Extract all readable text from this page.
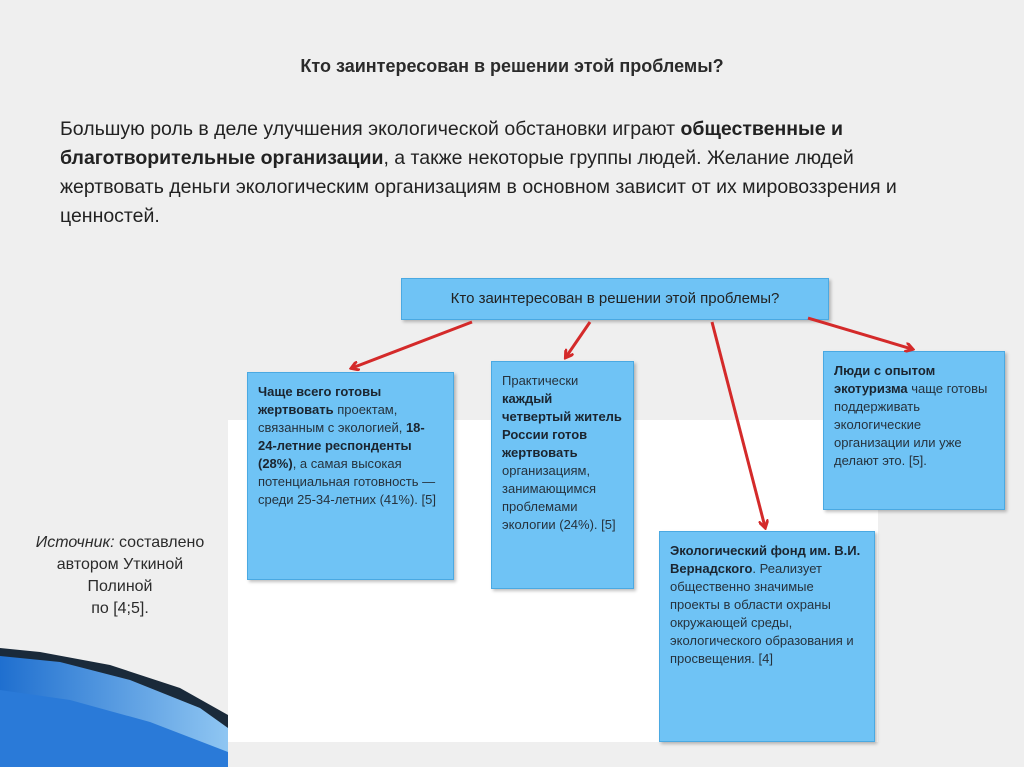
Кто заинтересован в решении этой проблемы?
Большую роль в деле улучшения экологической обстановки играют общественные и благотворительные организации, а также некоторые группы людей. Желание людей жертвовать деньги экологическим организациям в основном зависит от их мировоззрения и ценностей.
Источник: составлено
автором Уткиной
Полиной
по [4;5].
Кто заинтересован в решении этой проблемы?
Чаще всего готовы жертвовать проектам, связанным с экологией, 18-24-летние респонденты (28%), а самая высокая потенциальная готовность — среди 25-34-летних (41%). [5]
Практически каждый четвертый житель России готов жертвовать организациям, занимающимся проблемами экологии (24%). [5]
Экологический фонд им. В.И. Вернадского. Реализует общественно значимые проекты в области охраны окружающей среды, экологического образования и просвещения. [4]
Люди с опытом экотуризма чаще готовы поддерживать экологические организации или уже делают это. [5].
